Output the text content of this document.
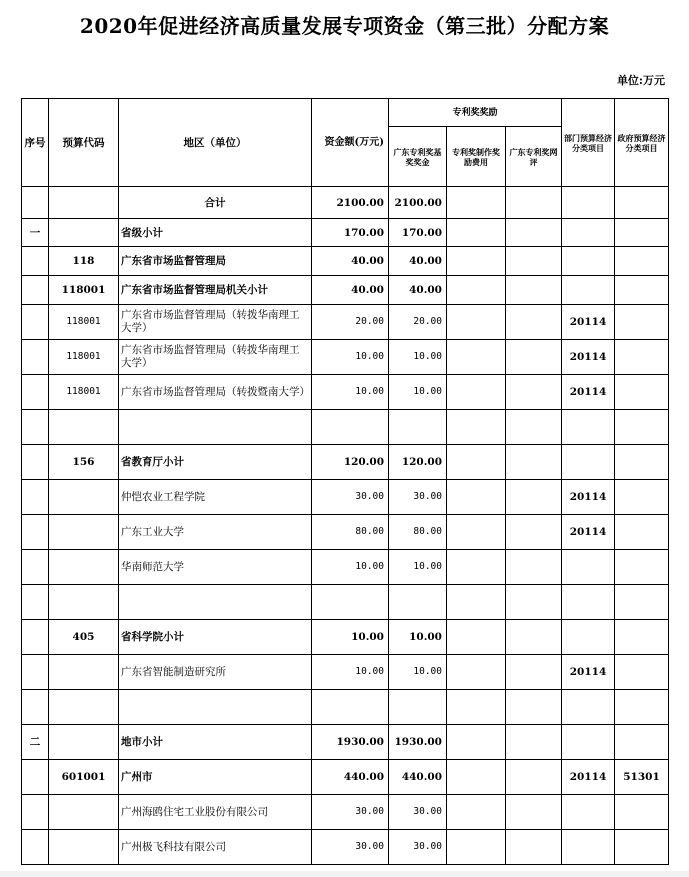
2020年促进经济高质量发展专项资金（第三批）分配方案
单位:万元
序号	预算代码	地区（单位）	资金额(万元)	专利奖奖励			部门预算经济分类项目	政府预算经济分类项目
				广东专利奖基奖奖金	专利奖制作奖励费用	广东专利奖网评		
		合计	2100.00	2100.00				
一		省级小计	170.00	170.00				
	118	广东省市场监督管理局	40.00	40.00				
	118001	广东省市场监督管理局机关小计	40.00	40.00				
	118001	广东省市场监督管理局（转拨华南理工大学）	20.00	20.00			20114	
	118001	广东省市场监督管理局（转拨华南理工大学）	10.00	10.00			20114	
	118001	广东省市场监督管理局（转拨暨南大学）	10.00	10.00			20114	

	156	省教育厅小计	120.00	120.00				
		仲恺农业工程学院	30.00	30.00			20114	
		广东工业大学	80.00	80.00			20114	
		华南师范大学	10.00	10.00				

	405	省科学院小计	10.00	10.00				
		广东省智能制造研究所	10.00	10.00			20114	

二		地市小计	1930.00	1930.00				
	601001	广州市	440.00	440.00			20114	51301
		广州海鸥住宅工业股份有限公司	30.00	30.00				
		广州极飞科技有限公司	30.00	30.00				
